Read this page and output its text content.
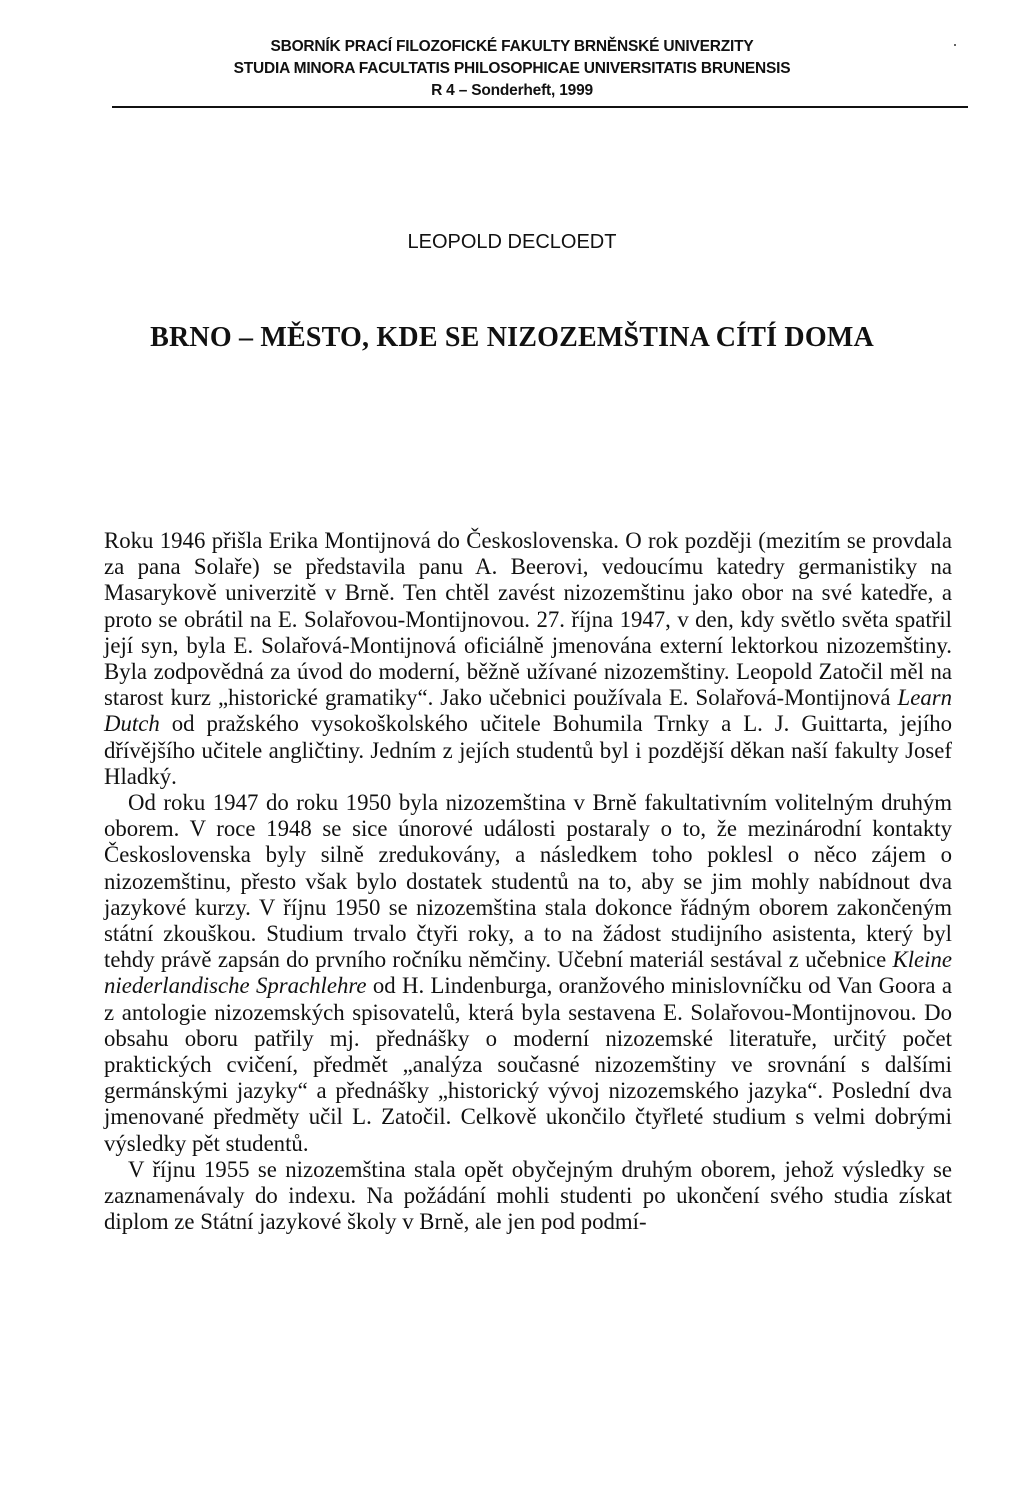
SBORNÍK PRACÍ FILOZOFICKÉ FAKULTY BRNĚNSKÉ UNIVERZITY
STUDIA MINORA FACULTATIS PHILOSOPHICAE UNIVERSITATIS BRUNENSIS
R 4 – Sonderheft, 1999
LEOPOLD DECLOEDT
BRNO – MĚSTO, KDE SE NIZOZEMŠTINA CÍTÍ DOMA

Roku 1946 přišla Erika Montijnová do Československa. O rok později (mezitím se provdala za pana Solaře) se představila panu A. Beerovi, vedoucímu katedry germanistiky na Masarykově univerzitě v Brně. Ten chtěl zavést nizozemštinu jako obor na své katedře, a proto se obrátil na E. Solařovou-Montijnovou. 27. října 1947, v den, kdy světlo světa spatřil její syn, byla E. Solařová-Montijnová oficiálně jmenována externí lektorkou nizozemštiny. Byla zodpovědná za úvod do moderní, běžně užívané nizozemštiny. Leopold Zatočil měl na starost kurz „historické gramatiky“. Jako učebnici používala E. Solařová-Montijnová Learn Dutch od pražského vysokoškolského učitele Bohumila Trnky a L. J. Guittarta, jejího dřívějšího učitele angličtiny. Jedním z jejích studentů byl i pozdější děkan naší fakulty Josef Hladký.

Od roku 1947 do roku 1950 byla nizozemština v Brně fakultativním volitelným druhým oborem. V roce 1948 se sice únorové události postaraly o to, že mezinárodní kontakty Československa byly silně zredukovány, a následkem toho poklesl o něco zájem o nizozemštinu, přesto však bylo dostatek studentů na to, aby se jim mohly nabídnout dva jazykové kurzy. V říjnu 1950 se nizozemština stala dokonce řádným oborem zakončeným státní zkouškou. Studium trvalo čtyři roky, a to na žádost studijního asistenta, který byl tehdy právě zapsán do prvního ročníku němčiny. Učební materiál sestával z učebnice Kleine niederlandische Sprachlehre od H. Lindenburga, oranžového minislovníčku od Van Goora a z antologie nizozemských spisovatelů, která byla sestavena E. Solařovou-Montijnovou. Do obsahu oboru patřily mj. přednášky o moderní nizozemské literatuře, určitý počet praktických cvičení, předmět „analýza současné nizozemštiny ve srovnání s dalšími germánskými jazyky“ a přednášky „historický vývoj nizozemského jazyka“. Poslední dva jmenované předměty učil L. Zatočil. Celkově ukončilo čtyřleté studium s velmi dobrými výsledky pět studentů.

V říjnu 1955 se nizozemština stala opět obyčejným druhým oborem, jehož výsledky se zaznamenávaly do indexu. Na požádání mohli studenti po ukončení svého studia získat diplom ze Státní jazykové školy v Brně, ale jen pod podmí-
